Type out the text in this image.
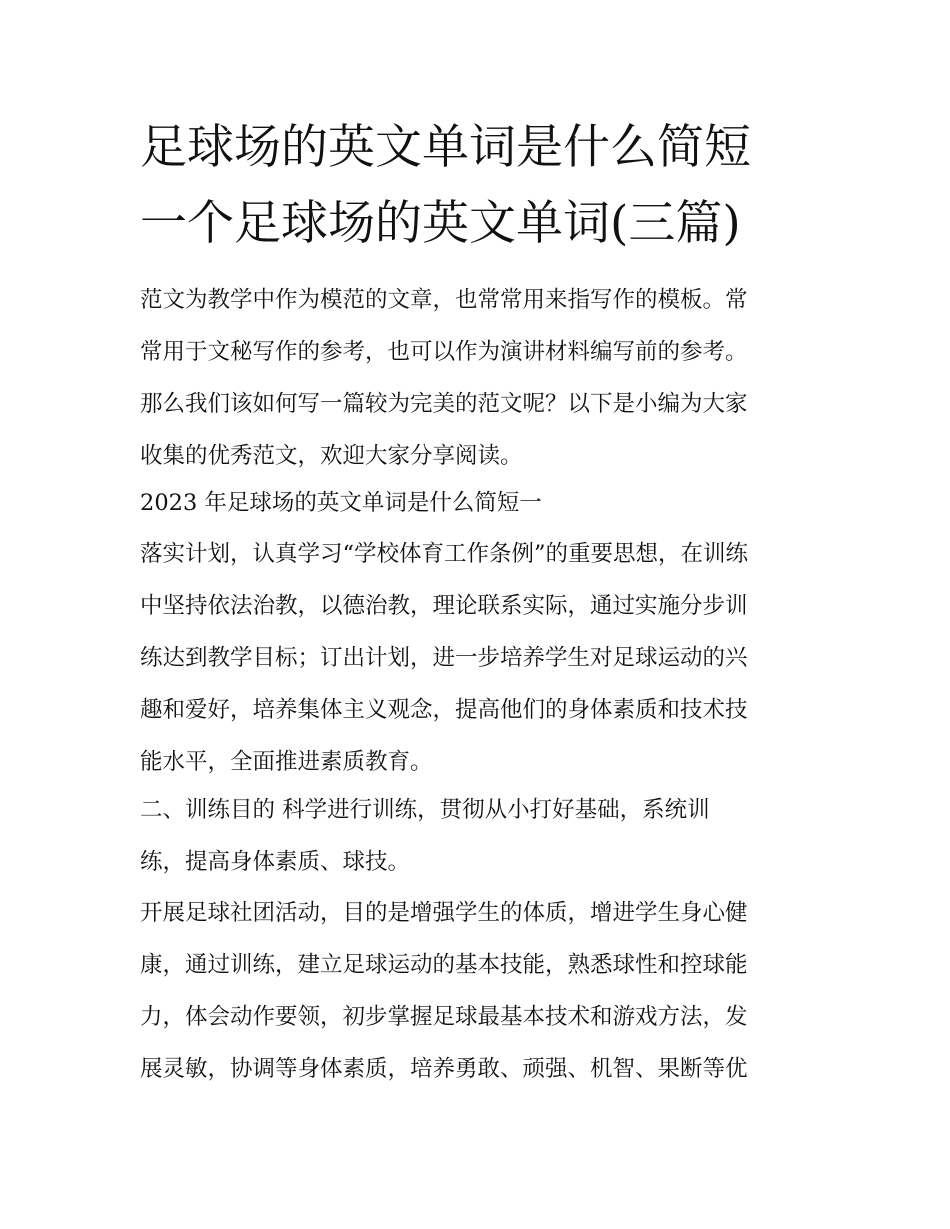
足球场的英文单词是什么简短
一个足球场的英文单词(三篇)
范文为教学中作为模范的文章，也常常用来指写作的模板。常
常用于文秘写作的参考，也可以作为演讲材料编写前的参考。
那么我们该如何写一篇较为完美的范文呢？以下是小编为大家
收集的优秀范文，欢迎大家分享阅读。
2023 年足球场的英文单词是什么简短一
落实计划，认真学习“学校体育工作条例”的重要思想，在训练
中坚持依法治教，以德治教，理论联系实际，通过实施分步训
练达到教学目标；订出计划，进一步培养学生对足球运动的兴
趣和爱好，培养集体主义观念，提高他们的身体素质和技术技
能水平，全面推进素质教育。
二、训练目的 科学进行训练，贯彻从小打好基础，系统训
练，提高身体素质、球技。
开展足球社团活动，目的是增强学生的体质，增进学生身心健
康，通过训练，建立足球运动的基本技能，熟悉球性和控球能
力，体会动作要领，初步掌握足球最基本技术和游戏方法，发
展灵敏，协调等身体素质，培养勇敢、顽强、机智、果断等优
